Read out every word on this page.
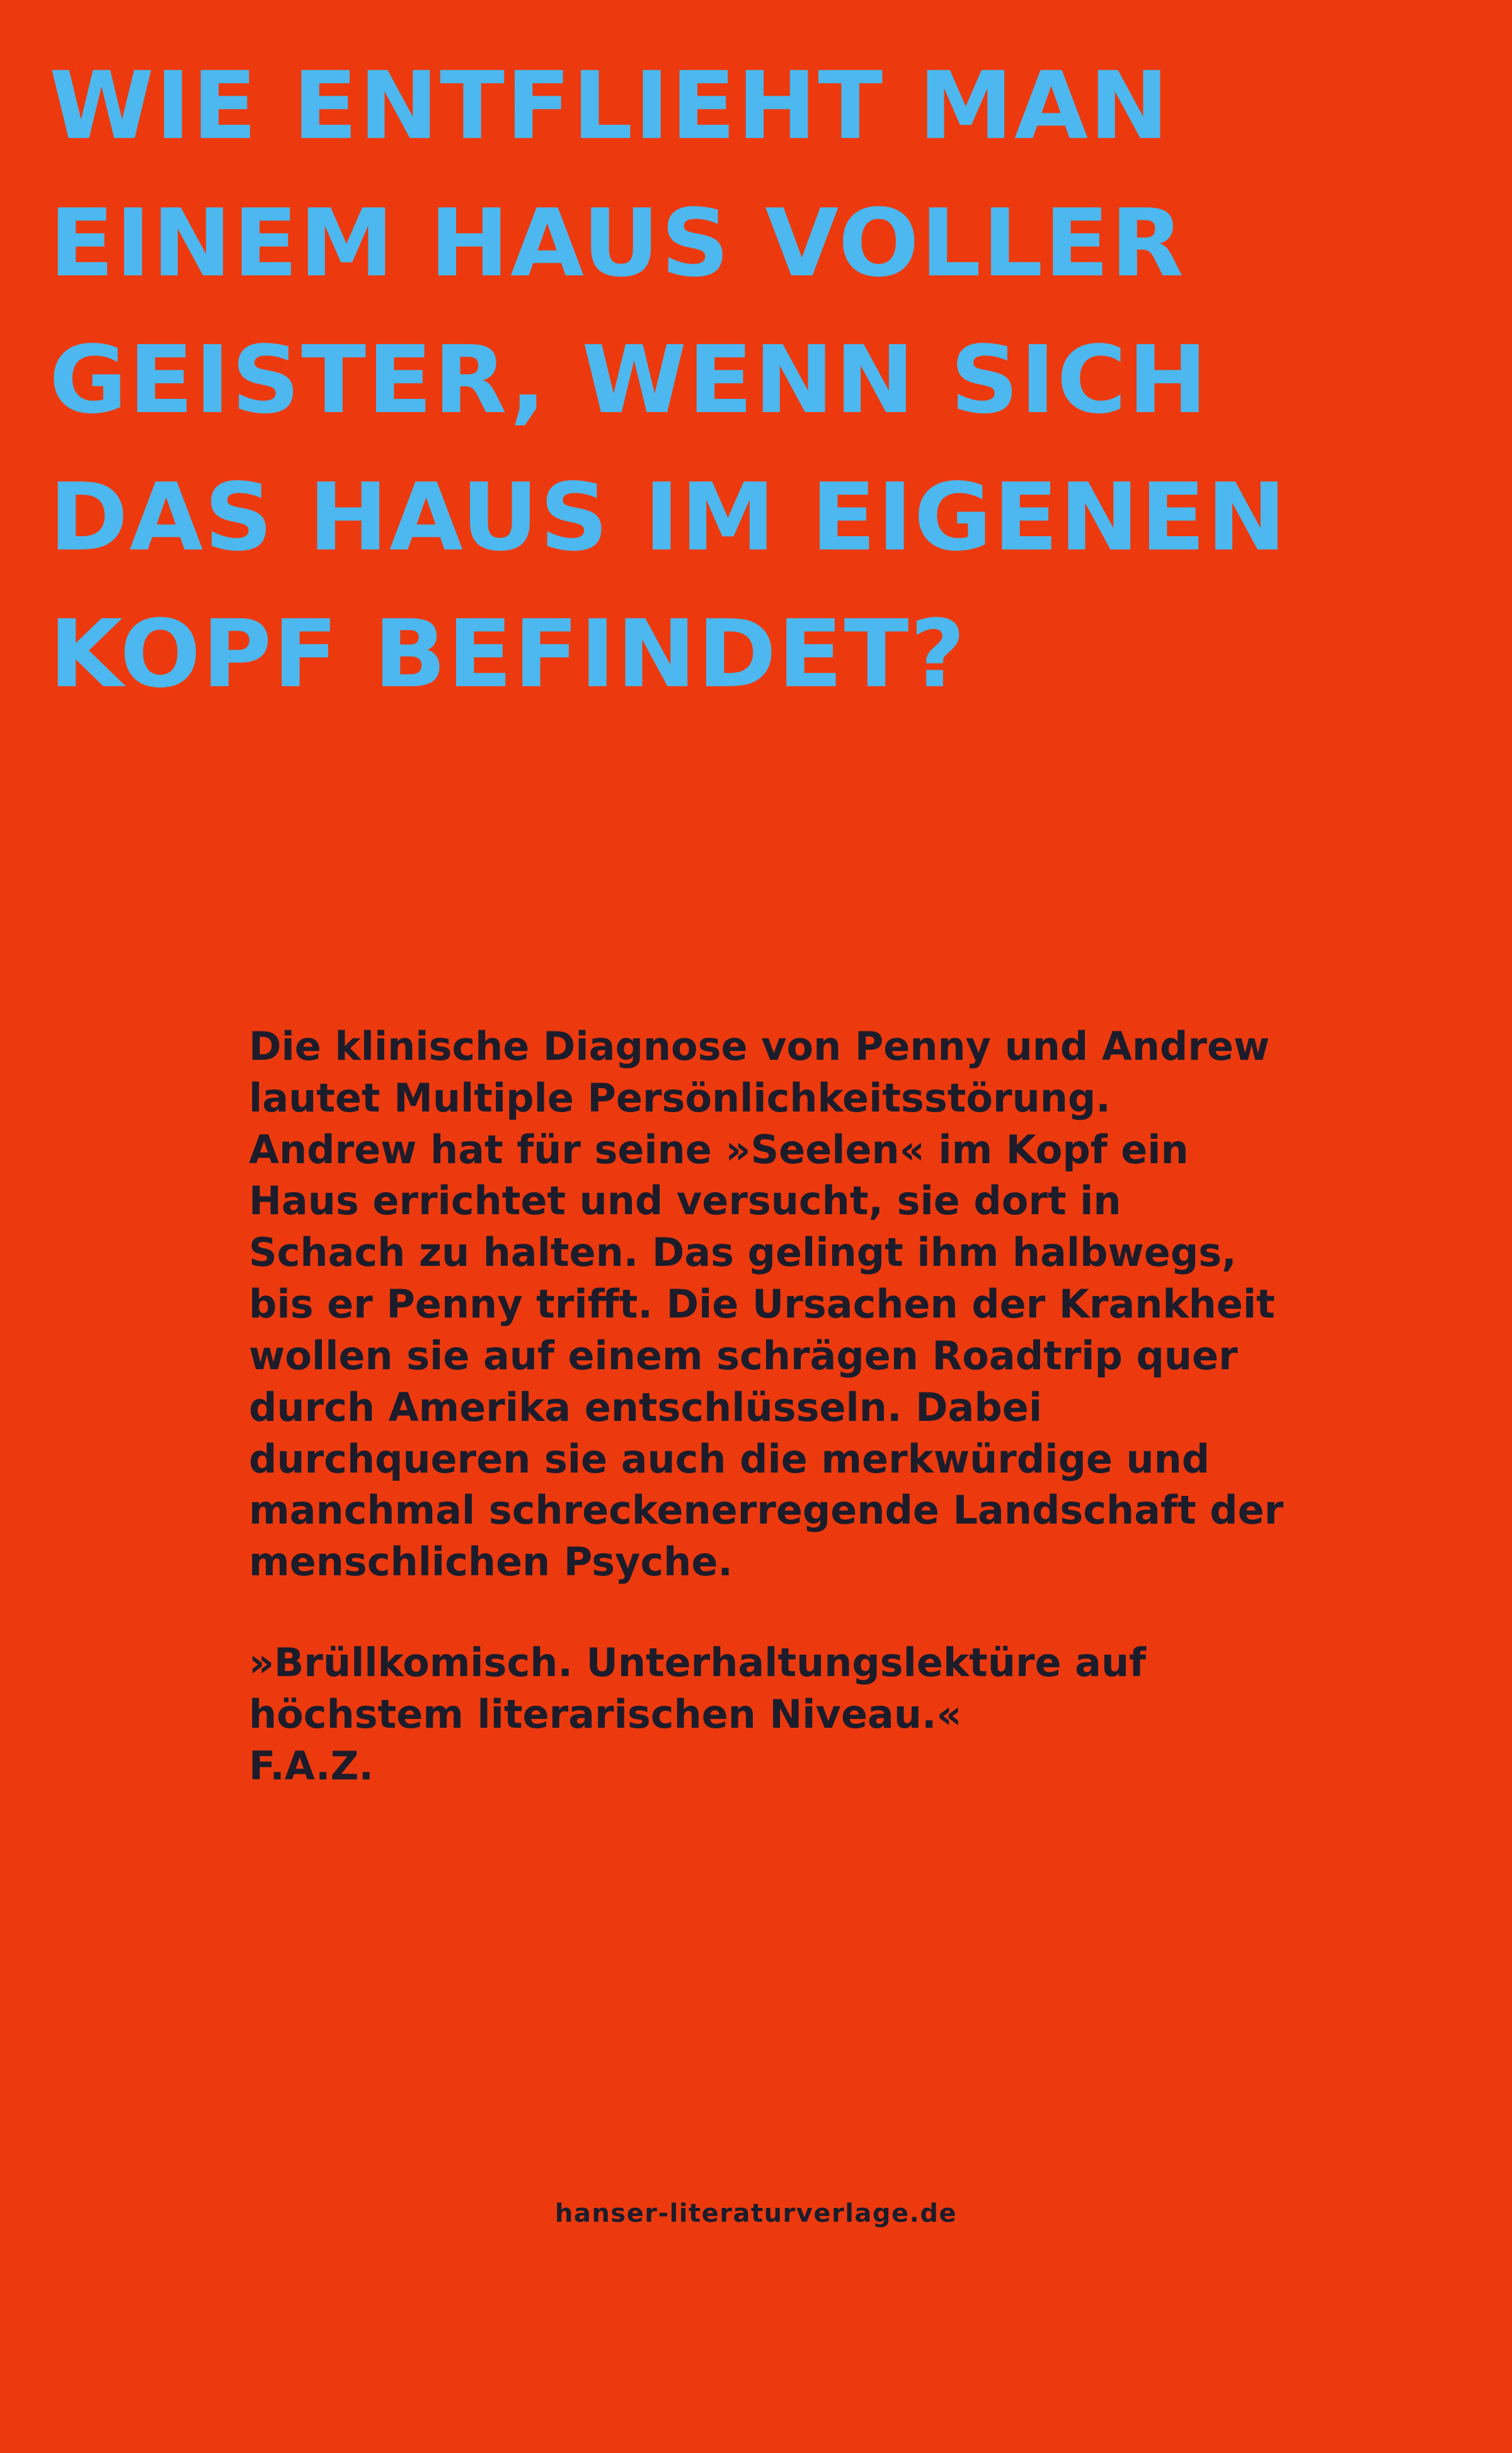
WIE ENTFLIEHT MAN
EINEM HAUS VOLLER
GEISTER, WENN SICH
DAS HAUS IM EIGENEN
KOPF BEFINDET?

Die klinische Diagnose von Penny und Andrew lautet Multiple Persönlichkeitsstörung. Andrew hat für seine »Seelen« im Kopf ein Haus errichtet und versucht, sie dort in Schach zu halten. Das gelingt ihm halbwegs, bis er Penny trifft. Die Ursachen der Krankheit wollen sie auf einem schrägen Roadtrip quer durch Amerika entschlüsseln. Dabei durchqueren sie auch die merkwürdige und manchmal schreckenerregende Landschaft der menschlichen Psyche.

»Brüllkomisch. Unterhaltungslektüre auf höchstem literarischen Niveau.«

F.A.Z.

hanser-literaturverlage.de
